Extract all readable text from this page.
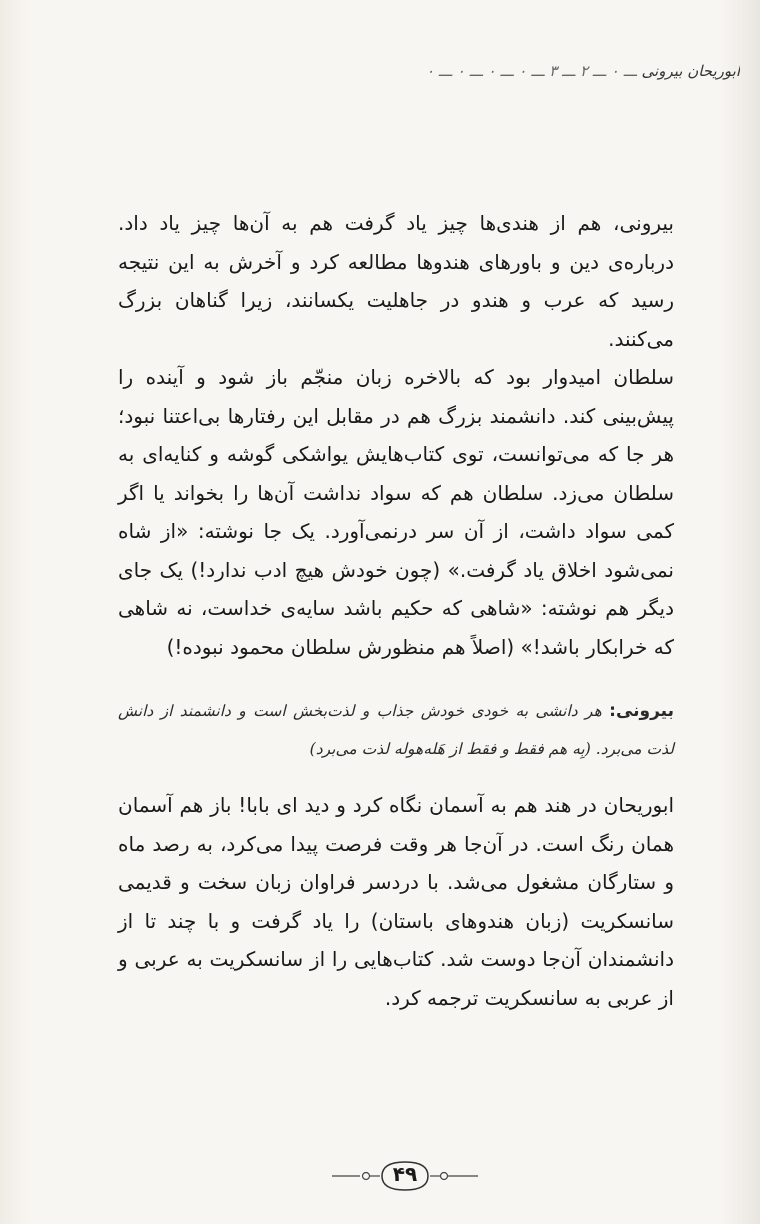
ابوریحان بیرونی ـــ ۰ ـــ ۲ ـــ ۳ ـــ ۰ ـــ ۰ ـــ ۰ ـــ ۰

بیرونی، هم از هندی‌ها چیز یاد گرفت هم به آن‌ها چیز یاد داد. درباره‌ی دین و باورهای هندوها مطالعه کرد و آخرش به این نتیجه رسید که عرب و هندو در جاهلیت یکسانند، زیرا گناهان بزرگ می‌کنند.

سلطان امیدوار بود که بالاخره زبان منجّم باز شود و آینده را پیش‌بینی کند. دانشمند بزرگ هم در مقابل این رفتارها بی‌اعتنا نبود؛ هر جا که می‌توانست، توی کتاب‌هایش یواشکی گوشه و کنایه‌ای به سلطان می‌زد. سلطان هم که سواد نداشت آن‌ها را بخواند یا اگر کمی سواد داشت، از آن سر درنمی‌آورد. یک جا نوشته: «از شاه نمی‌شود اخلاق یاد گرفت.» (چون خودش هیچ ادب ندارد!) یک جای دیگر هم نوشته: «شاهی که حکیم باشد سایه‌ی خداست، نه شاهی که خرابکار باشد!» (اصلاً هم منظورش سلطان محمود نبوده!)

بیرونی: هر دانشی به خودی خودش جذاب و لذت‌بخش است و دانشمند از دانش لذت می‌برد. (بِه هم فقط و فقط از هَله‌هوله لذت می‌برد)

ابوریحان در هند هم به آسمان نگاه کرد و دید ای بابا! باز هم آسمان همان رنگ است. در آن‌جا هر وقت فرصت پیدا می‌کرد، به رصد ماه و ستارگان مشغول می‌شد. با دردسر فراوان زبان سخت و قدیمی سانسکریت (زبان هندوهای باستان) را یاد گرفت و با چند تا از دانشمندان آن‌جا دوست شد. کتاب‌هایی را از سانسکریت به عربی و از عربی به سانسکریت ترجمه کرد.

۴۹
